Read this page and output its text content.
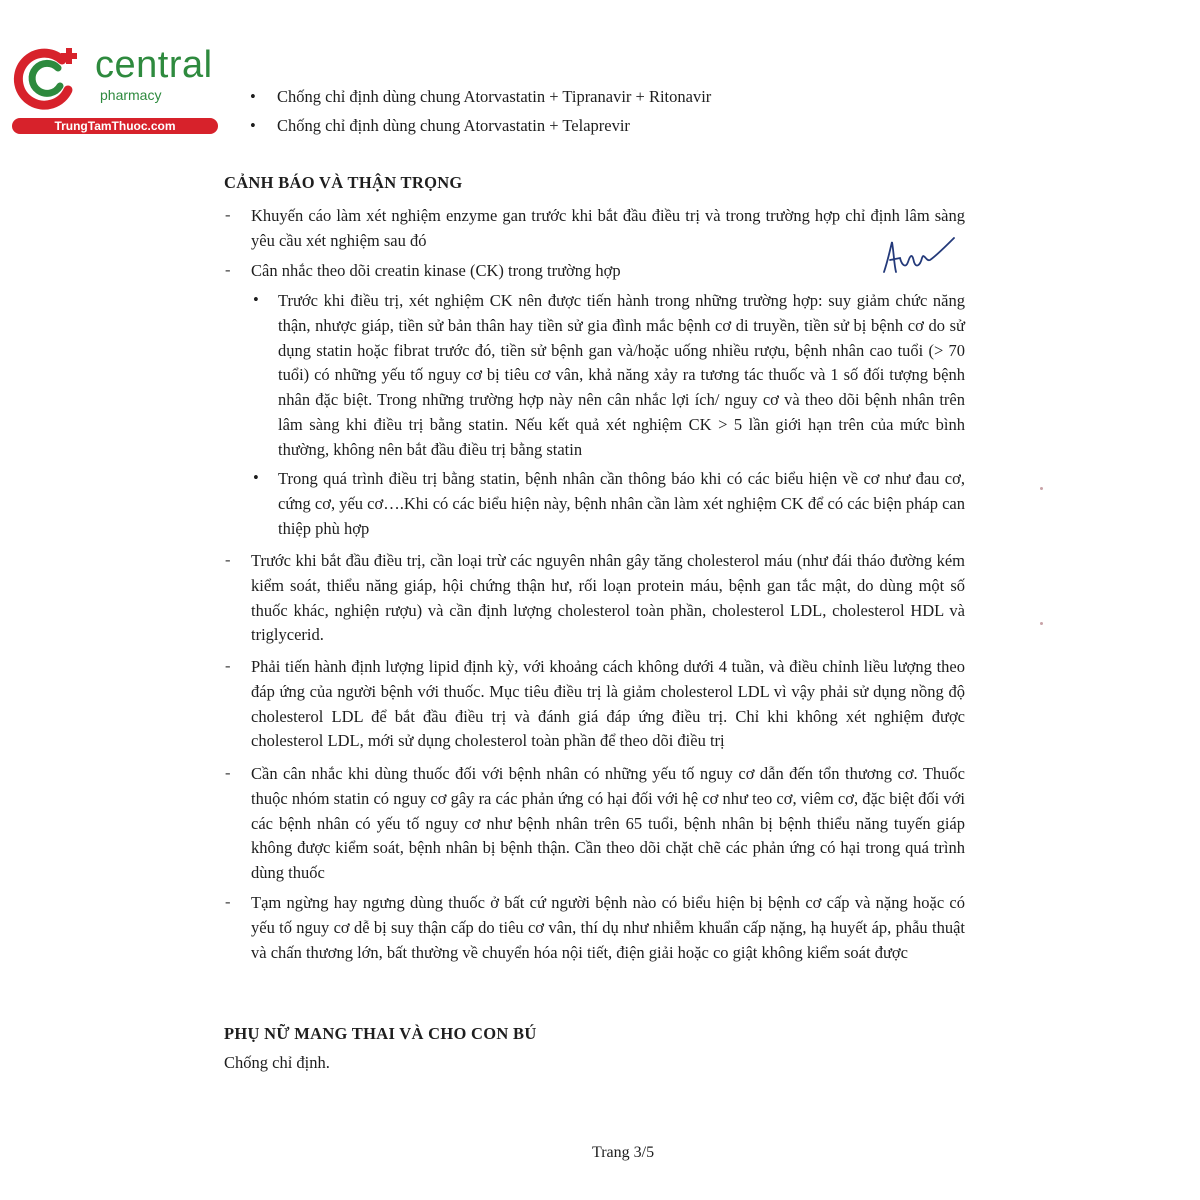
central
pharmacy
TrungTamThuoc.com
• Chống chỉ định dùng chung Atorvastatin + Tipranavir + Ritonavir
• Chống chỉ định dùng chung Atorvastatin + Telaprevir
CẢNH BÁO VÀ THẬN TRỌNG
- Khuyến cáo làm xét nghiệm enzyme gan trước khi bắt đầu điều trị và trong trường hợp chỉ định lâm sàng yêu cầu xét nghiệm sau đó
- Cân nhắc theo dõi creatin kinase (CK) trong trường hợp
• Trước khi điều trị, xét nghiệm CK nên được tiến hành trong những trường hợp: suy giảm chức năng thận, nhược giáp, tiền sử bản thân hay tiền sử gia đình mắc bệnh cơ di truyền, tiền sử bị bệnh cơ do sử dụng statin hoặc fibrat trước đó, tiền sử bệnh gan và/hoặc uống nhiều rượu, bệnh nhân cao tuổi (> 70 tuổi) có những yếu tố nguy cơ bị tiêu cơ vân, khả năng xảy ra tương tác thuốc và 1 số đối tượng bệnh nhân đặc biệt. Trong những trường hợp này nên cân nhắc lợi ích/ nguy cơ và theo dõi bệnh nhân trên lâm sàng khi điều trị bằng statin. Nếu kết quả xét nghiệm CK > 5 lần giới hạn trên của mức bình thường, không nên bắt đầu điều trị bằng statin
• Trong quá trình điều trị bằng statin, bệnh nhân cần thông báo khi có các biểu hiện về cơ như đau cơ, cứng cơ, yếu cơ….Khi có các biểu hiện này, bệnh nhân cần làm xét nghiệm CK để có các biện pháp can thiệp phù hợp
- Trước khi bắt đầu điều trị, cần loại trừ các nguyên nhân gây tăng cholesterol máu (như đái tháo đường kém kiểm soát, thiểu năng giáp, hội chứng thận hư, rối loạn protein máu, bệnh gan tắc mật, do dùng một số thuốc khác, nghiện rượu) và cần định lượng cholesterol toàn phần, cholesterol LDL, cholesterol HDL và triglycerid.
- Phải tiến hành định lượng lipid định kỳ, với khoảng cách không dưới 4 tuần, và điều chỉnh liều lượng theo đáp ứng của người bệnh với thuốc. Mục tiêu điều trị là giảm cholesterol LDL vì vậy phải sử dụng nồng độ cholesterol LDL để bắt đầu điều trị và đánh giá đáp ứng điều trị. Chỉ khi không xét nghiệm được cholesterol LDL, mới sử dụng cholesterol toàn phần để theo dõi điều trị
- Cần cân nhắc khi dùng thuốc đối với bệnh nhân có những yếu tố nguy cơ dẫn đến tổn thương cơ. Thuốc thuộc nhóm statin có nguy cơ gây ra các phản ứng có hại đối với hệ cơ như teo cơ, viêm cơ, đặc biệt đối với các bệnh nhân có yếu tố nguy cơ như bệnh nhân trên 65 tuổi, bệnh nhân bị bệnh thiểu năng tuyến giáp không được kiểm soát, bệnh nhân bị bệnh thận. Cần theo dõi chặt chẽ các phản ứng có hại trong quá trình dùng thuốc
- Tạm ngừng hay ngưng dùng thuốc ở bất cứ người bệnh nào có biểu hiện bị bệnh cơ cấp và nặng hoặc có yếu tố nguy cơ dễ bị suy thận cấp do tiêu cơ vân, thí dụ như nhiễm khuẩn cấp nặng, hạ huyết áp, phẫu thuật và chấn thương lớn, bất thường về chuyển hóa nội tiết, điện giải hoặc co giật không kiểm soát được
PHỤ NỮ MANG THAI VÀ CHO CON BÚ
Chống chỉ định.
Trang 3/5
